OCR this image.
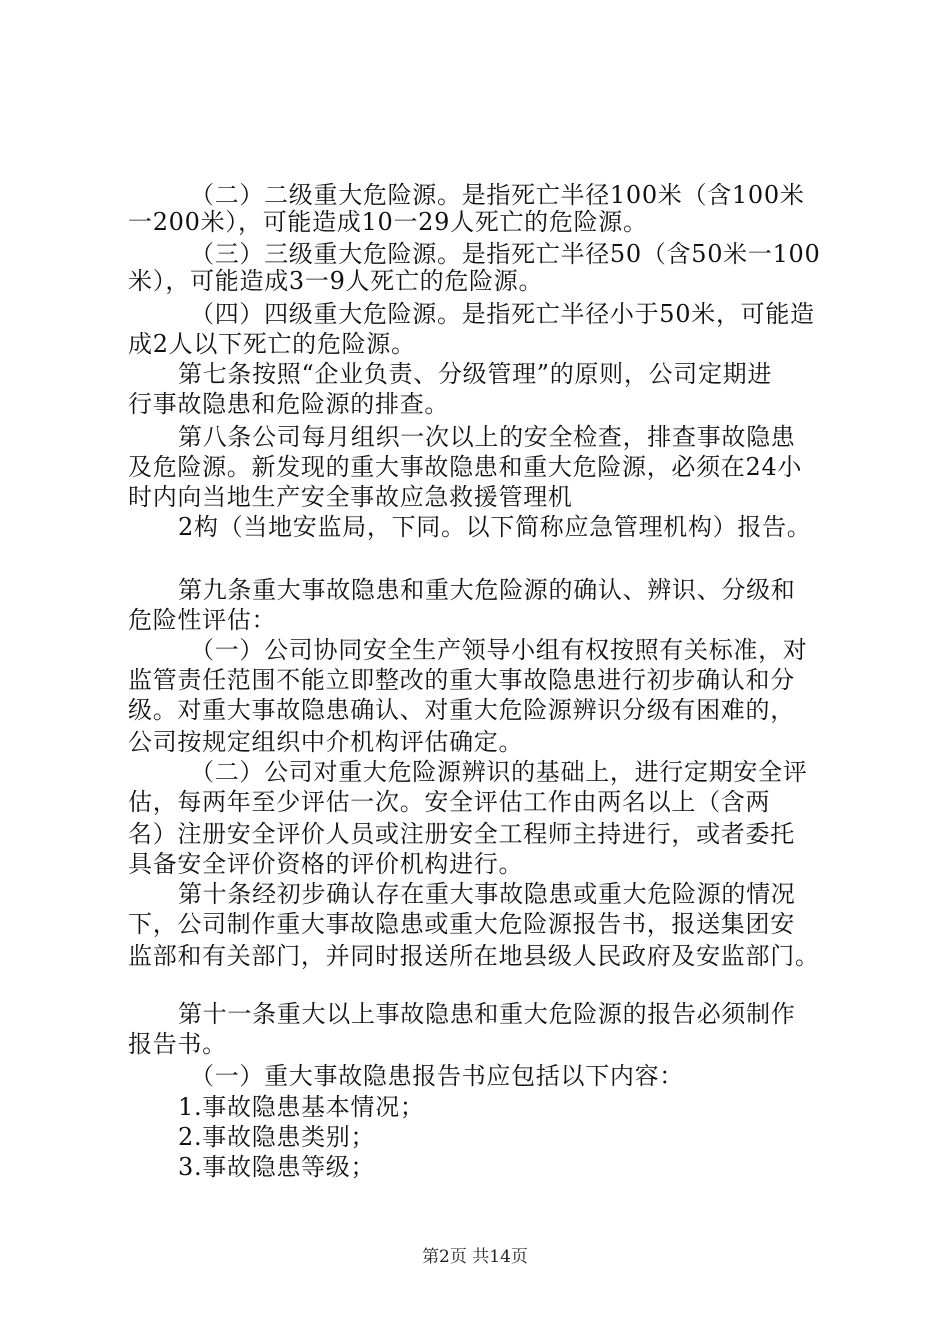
（二）二级重大危险源。是指死亡半径100米（含100米
一200米），可能造成10一29人死亡的危险源。
（三）三级重大危险源。是指死亡半径50（含50米一100
米），可能造成3一9人死亡的危险源。
（四）四级重大危险源。是指死亡半径小于50米，可能造
成2人以下死亡的危险源。
第七条按照“企业负责、分级管理”的原则，公司定期进
行事故隐患和危险源的排查。
第八条公司每月组织一次以上的安全检查，排查事故隐患
及危险源。新发现的重大事故隐患和重大危险源，必须在24小
时内向当地生产安全事故应急救援管理机
2构（当地安监局，下同。以下简称应急管理机构）报告。
第九条重大事故隐患和重大危险源的确认、辨识、分级和
危险性评估：
（一）公司协同安全生产领导小组有权按照有关标准，对
监管责任范围不能立即整改的重大事故隐患进行初步确认和分
级。对重大事故隐患确认、对重大危险源辨识分级有困难的，
公司按规定组织中介机构评估确定。
（二）公司对重大危险源辨识的基础上，进行定期安全评
估，每两年至少评估一次。安全评估工作由两名以上（含两
名）注册安全评价人员或注册安全工程师主持进行，或者委托
具备安全评价资格的评价机构进行。
第十条经初步确认存在重大事故隐患或重大危险源的情况
下，公司制作重大事故隐患或重大危险源报告书，报送集团安
监部和有关部门，并同时报送所在地县级人民政府及安监部门。
第十一条重大以上事故隐患和重大危险源的报告必须制作
报告书。
（一）重大事故隐患报告书应包括以下内容：
1.事故隐患基本情况；
2.事故隐患类别；
3.事故隐患等级；
第2页 共14页
